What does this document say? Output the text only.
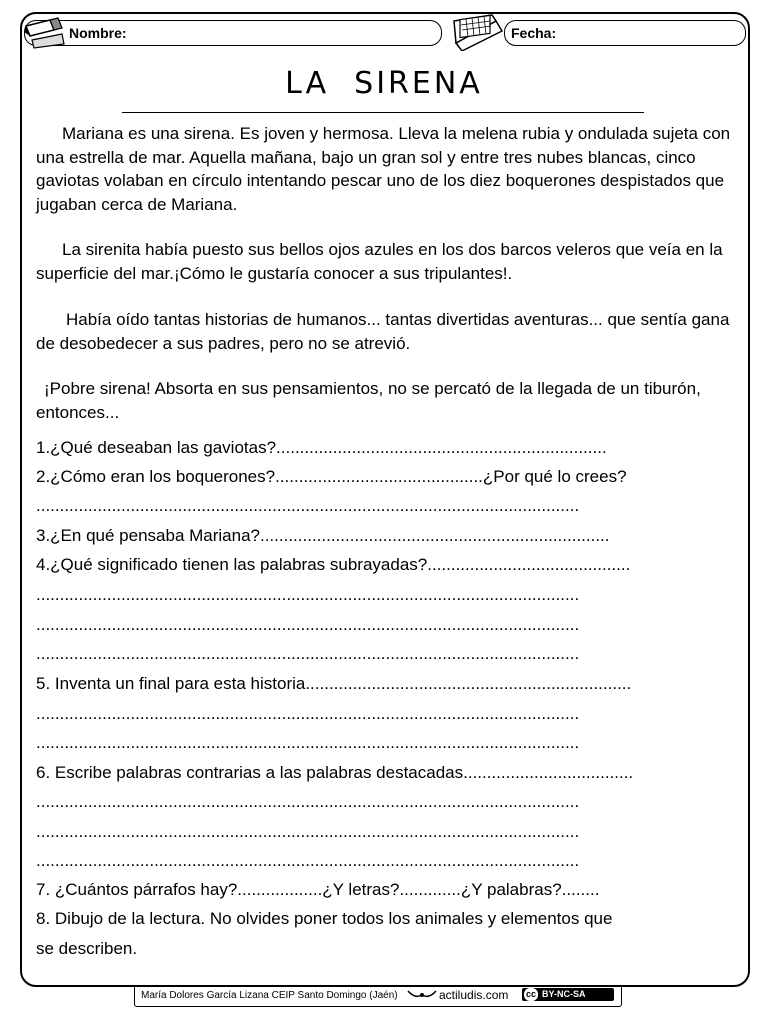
Nombre:	Fecha:
LA  SIRENA

Mariana es una sirena. Es joven y hermosa. Lleva la melena rubia y ondulada sujeta con una estrella de mar. Aquella mañana, bajo un gran sol y entre tres nubes blancas, cinco gaviotas volaban en círculo intentando pescar uno de los diez boquerones despistados que jugaban cerca de Mariana.

La sirenita había puesto sus bellos ojos azules en los dos barcos veleros que veía en la superficie del mar.¡Cómo le gustaría conocer a sus tripulantes!.

Había oído tantas historias de humanos... tantas divertidas aventuras... que sentía gana de desobedecer a sus padres, pero no se atrevió.

¡Pobre sirena! Absorta en sus pensamientos, no se percató de la llegada de un tiburón, entonces...

1.¿Qué deseaban las gaviotas?......................................................................
2.¿Cómo eran los boquerones?............................................¿Por qué lo crees?
...................................................................................................................
3.¿En qué pensaba Mariana?..........................................................................
4.¿Qué significado tienen las palabras subrayadas?...........................................
...................................................................................................................
...................................................................................................................
...................................................................................................................
5. Inventa un final para esta historia.....................................................................
...................................................................................................................
...................................................................................................................
6. Escribe palabras contrarias a las palabras destacadas....................................
...................................................................................................................
...................................................................................................................
...................................................................................................................
7. ¿Cuántos párrafos hay?..................¿Y letras?.............¿Y palabras?........
8. Dibujo de la lectura. No olvides poner todos los animales y elementos que
se describen.
María Dolores García Lizana CEIP Santo Domingo (Jaén)	actiludis.com	cc BY-NC-SA
